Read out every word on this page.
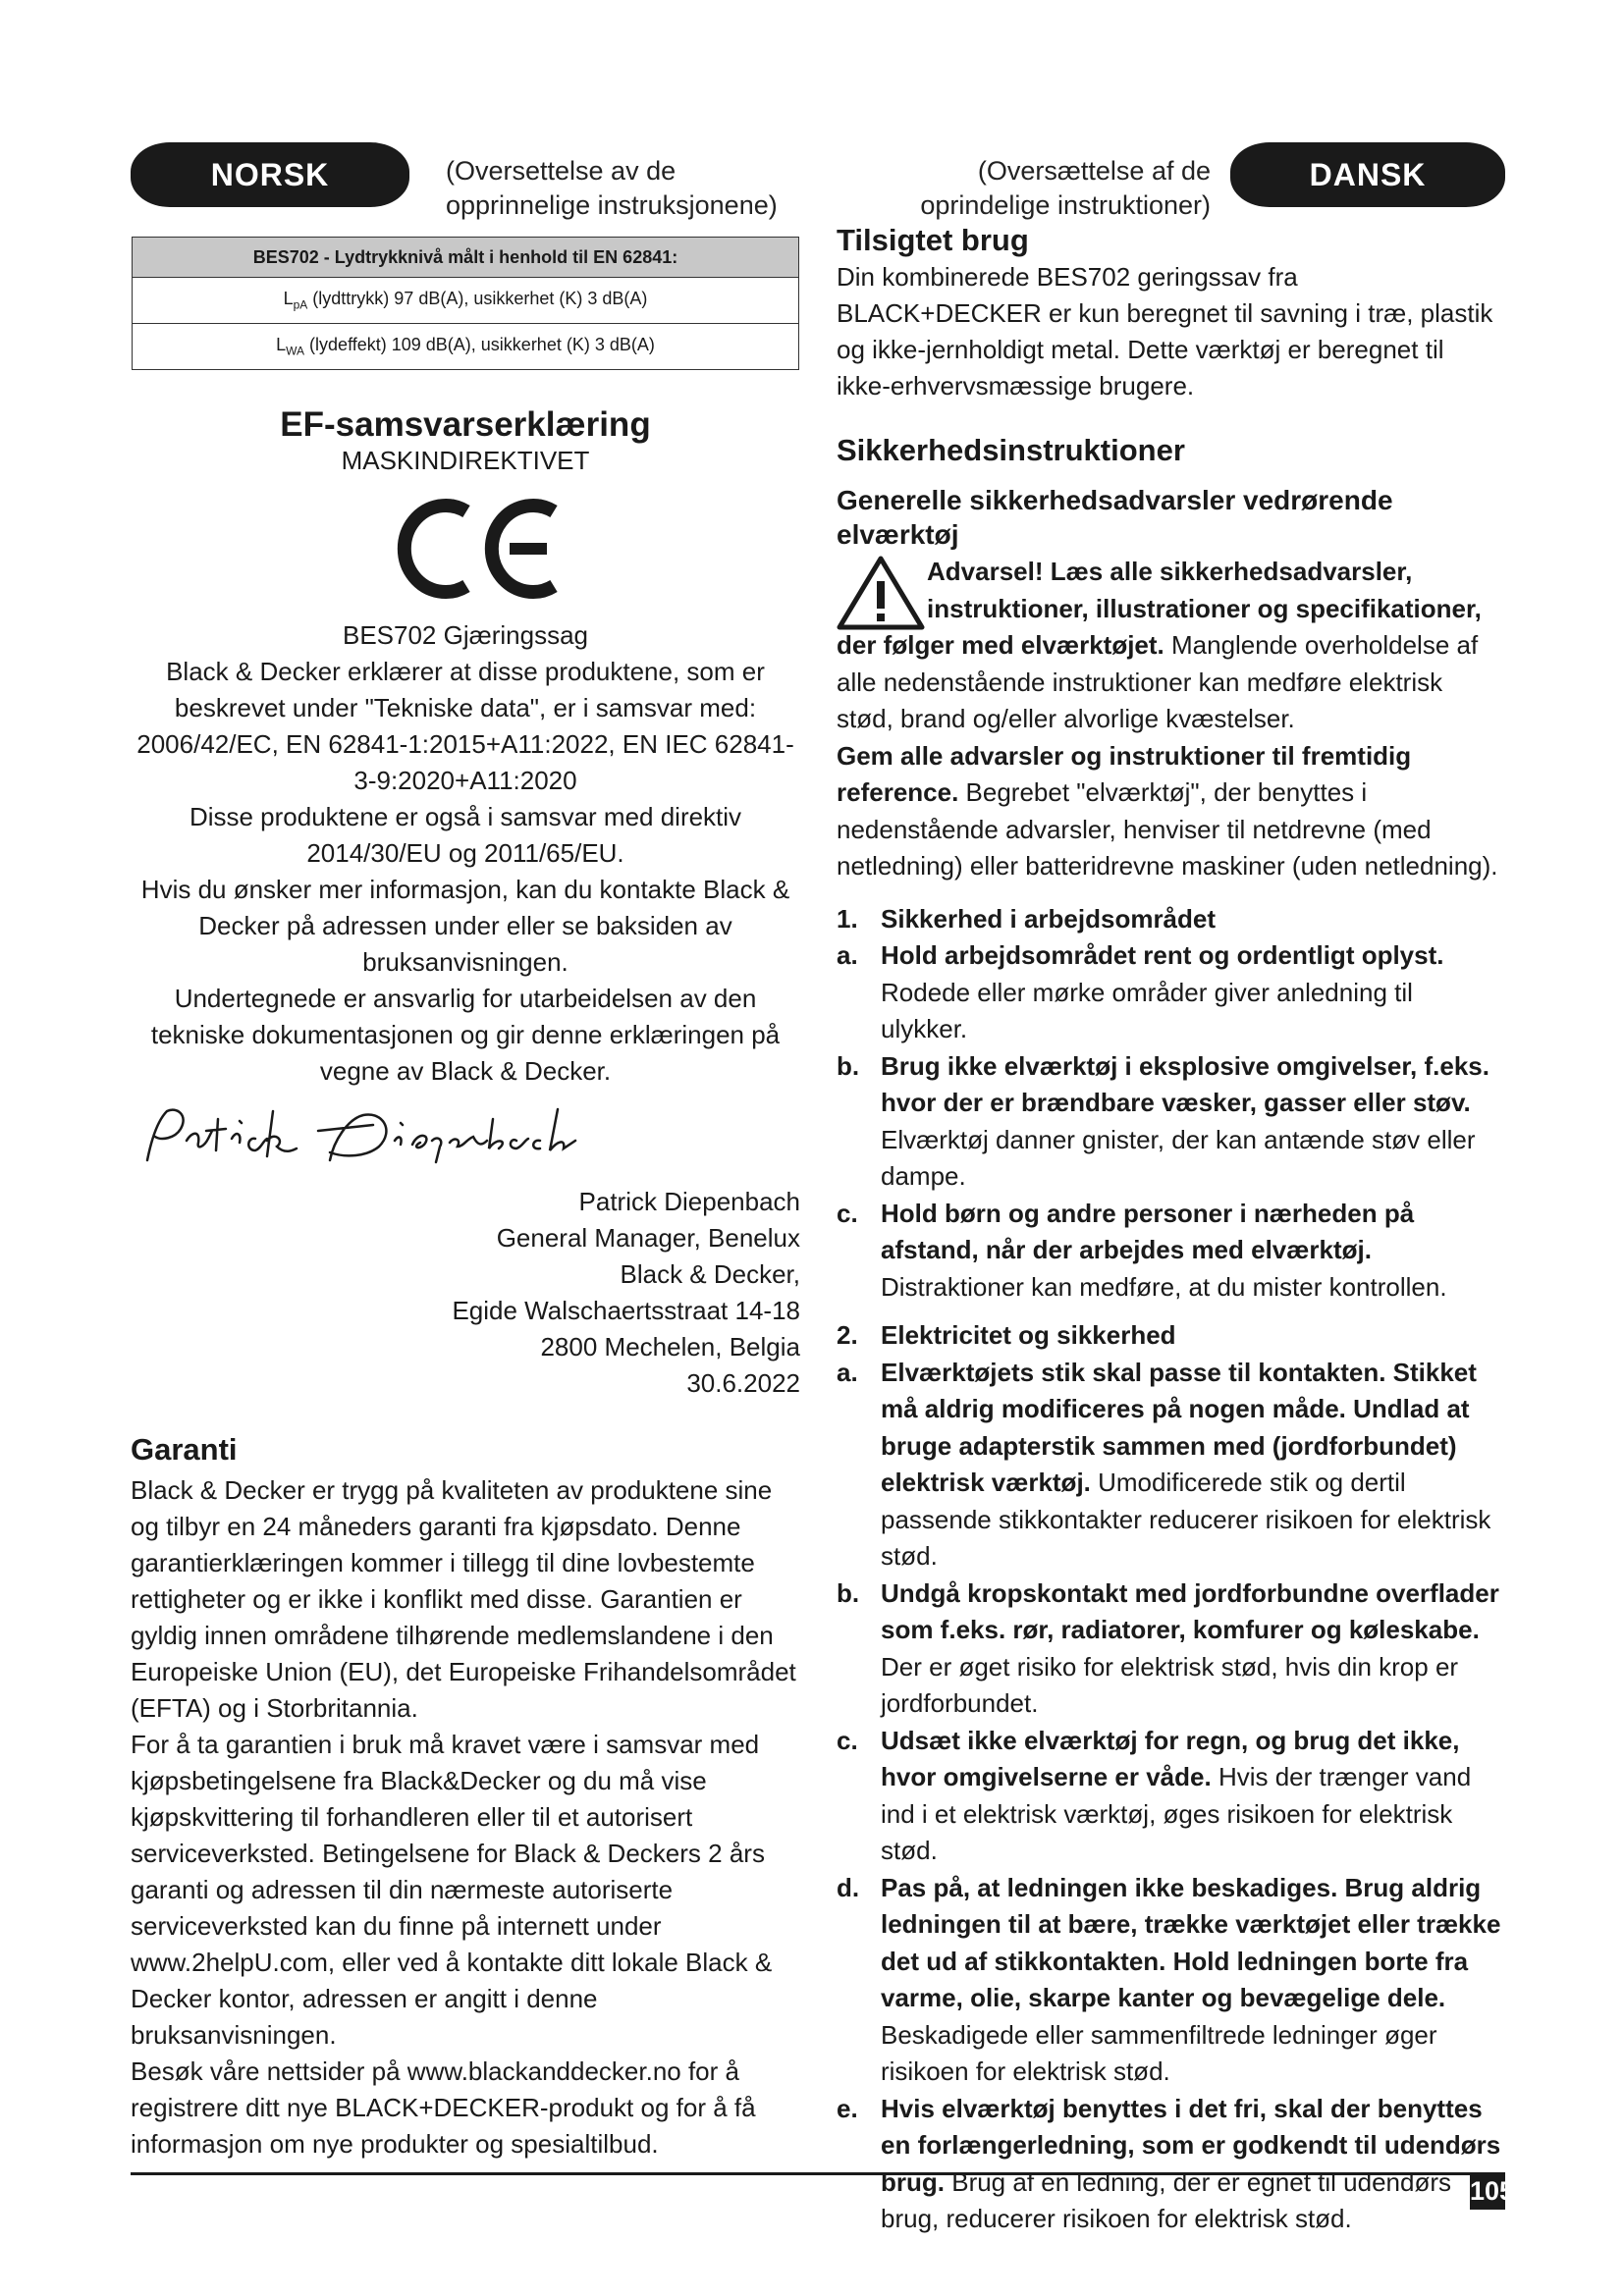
NORSK	(Oversettelse av de opprinnelige instruksjonene)
BES702 - Lydtrykknivå målt i henhold til EN 62841:
$L_{pA}$ (lydttrykk) 97 dB(A), usikkerhet (K) 3 dB(A)
$L_{WA}$ (lydeffekt) 109 dB(A), usikkerhet (K) 3 dB(A)
EF-samsvarserklæring
MASKINDIREKTIVET

BES702 Gjæringssag

Black & Decker erklærer at disse produktene, som er beskrevet under "Tekniske data", er i samsvar med: 2006/42/EC, EN 62841-1:2015+A11:2022, EN IEC 62841-3-9:2020+A11:2020

Disse produktene er også i samsvar med direktiv 2014/30/EU og 2011/65/EU.

Hvis du ønsker mer informasjon, kan du kontakte Black & Decker på adressen under eller se baksiden av bruksanvisningen.

Undertegnede er ansvarlig for utarbeidelsen av den tekniske dokumentasjonen og gir denne erklæringen på vegne av Black & Decker.

Patrick Diepenbach

General Manager, Benelux

Black & Decker,

Egide Walschaertsstraat 14-18

2800 Mechelen, Belgia

30.6.2022

Garanti

Black & Decker er trygg på kvaliteten av produktene sine og tilbyr en 24 måneders garanti fra kjøpsdato. Denne garantierklæringen kommer i tillegg til dine lovbestemte rettigheter og er ikke i konflikt med disse. Garantien er gyldig innen områdene tilhørende medlemslandene i den Europeiske Union (EU), det Europeiske Frihandelsområdet (EFTA) og i Storbritannia.

For å ta garantien i bruk må kravet være i samsvar med kjøpsbetingelsene fra Black&Decker og du må vise kjøpskvittering til forhandleren eller til et autorisert serviceverksted. Betingelsene for Black & Deckers 2 års garanti og adressen til din nærmeste autoriserte serviceverksted kan du finne på internett under www.2helpU.com, eller ved å kontakte ditt lokale Black & Decker kontor, adressen er angitt i denne bruksanvisningen.

Besøk våre nettsider på www.blackanddecker.no for å registrere ditt nye BLACK+DECKER-produkt og for å få informasjon om nye produkter og spesialtilbud.

(Oversættelse af de oprindelige instruktioner)
DANSK
Tilsigtet brug

Din kombinerede BES702 geringssav fra BLACK+DECKER er kun beregnet til savning i træ, plastik og ikke-jernholdigt metal. Dette værktøj er beregnet til ikke-erhvervsmæssige brugere.

Sikkerhedsinstruktioner
Generelle sikkerhedsadvarsler vedrørende elværktøj

Advarsel! Læs alle sikkerhedsadvarsler, instruktioner, illustrationer og specifikationer, der følger med elværktøjet. Manglende overholdelse af alle nedenstående instruktioner kan medføre elektrisk stød, brand og/eller alvorlige kvæstelser.

Gem alle advarsler og instruktioner til fremtidig reference. Begrebet "elværktøj", der benyttes i nedenstående advarsler, henviser til netdrevne (med netledning) eller batteridrevne maskiner (uden netledning).

1. Sikkerhed i arbejdsområdet
a. Hold arbejdsområdet rent og ordentligt oplyst. Rodede eller mørke områder giver anledning til ulykker.
b. Brug ikke elværktøj i eksplosive omgivelser, f.eks. hvor der er brændbare væsker, gasser eller støv. Elværktøj danner gnister, der kan antænde støv eller dampe.
c. Hold børn og andre personer i nærheden på afstand, når der arbejdes med elværktøj. Distraktioner kan medføre, at du mister kontrollen.
2. Elektricitet og sikkerhed
a. Elværktøjets stik skal passe til kontakten. Stikket må aldrig modificeres på nogen måde. Undlad at bruge adapterstik sammen med (jordforbundet) elektrisk værktøj. Umodificerede stik og dertil passende stikkontakter reducerer risikoen for elektrisk stød.
b. Undgå kropskontakt med jordforbundne overflader som f.eks. rør, radiatorer, komfurer og køleskabe. Der er øget risiko for elektrisk stød, hvis din krop er jordforbundet.
c. Udsæt ikke elværktøj for regn, og brug det ikke, hvor omgivelserne er våde. Hvis der trænger vand ind i et elektrisk værktøj, øges risikoen for elektrisk stød.
d. Pas på, at ledningen ikke beskadiges. Brug aldrig ledningen til at bære, trække værktøjet eller trække det ud af stikkontakten. Hold ledningen borte fra varme, olie, skarpe kanter og bevægelige dele. Beskadigede eller sammenfiltrede ledninger øger risikoen for elektrisk stød.
e. Hvis elværktøj benyttes i det fri, skal der benyttes en forlængerledning, som er godkendt til udendørs brug. Brug af en ledning, der er egnet til udendørs brug, reducerer risikoen for elektrisk stød.
105
